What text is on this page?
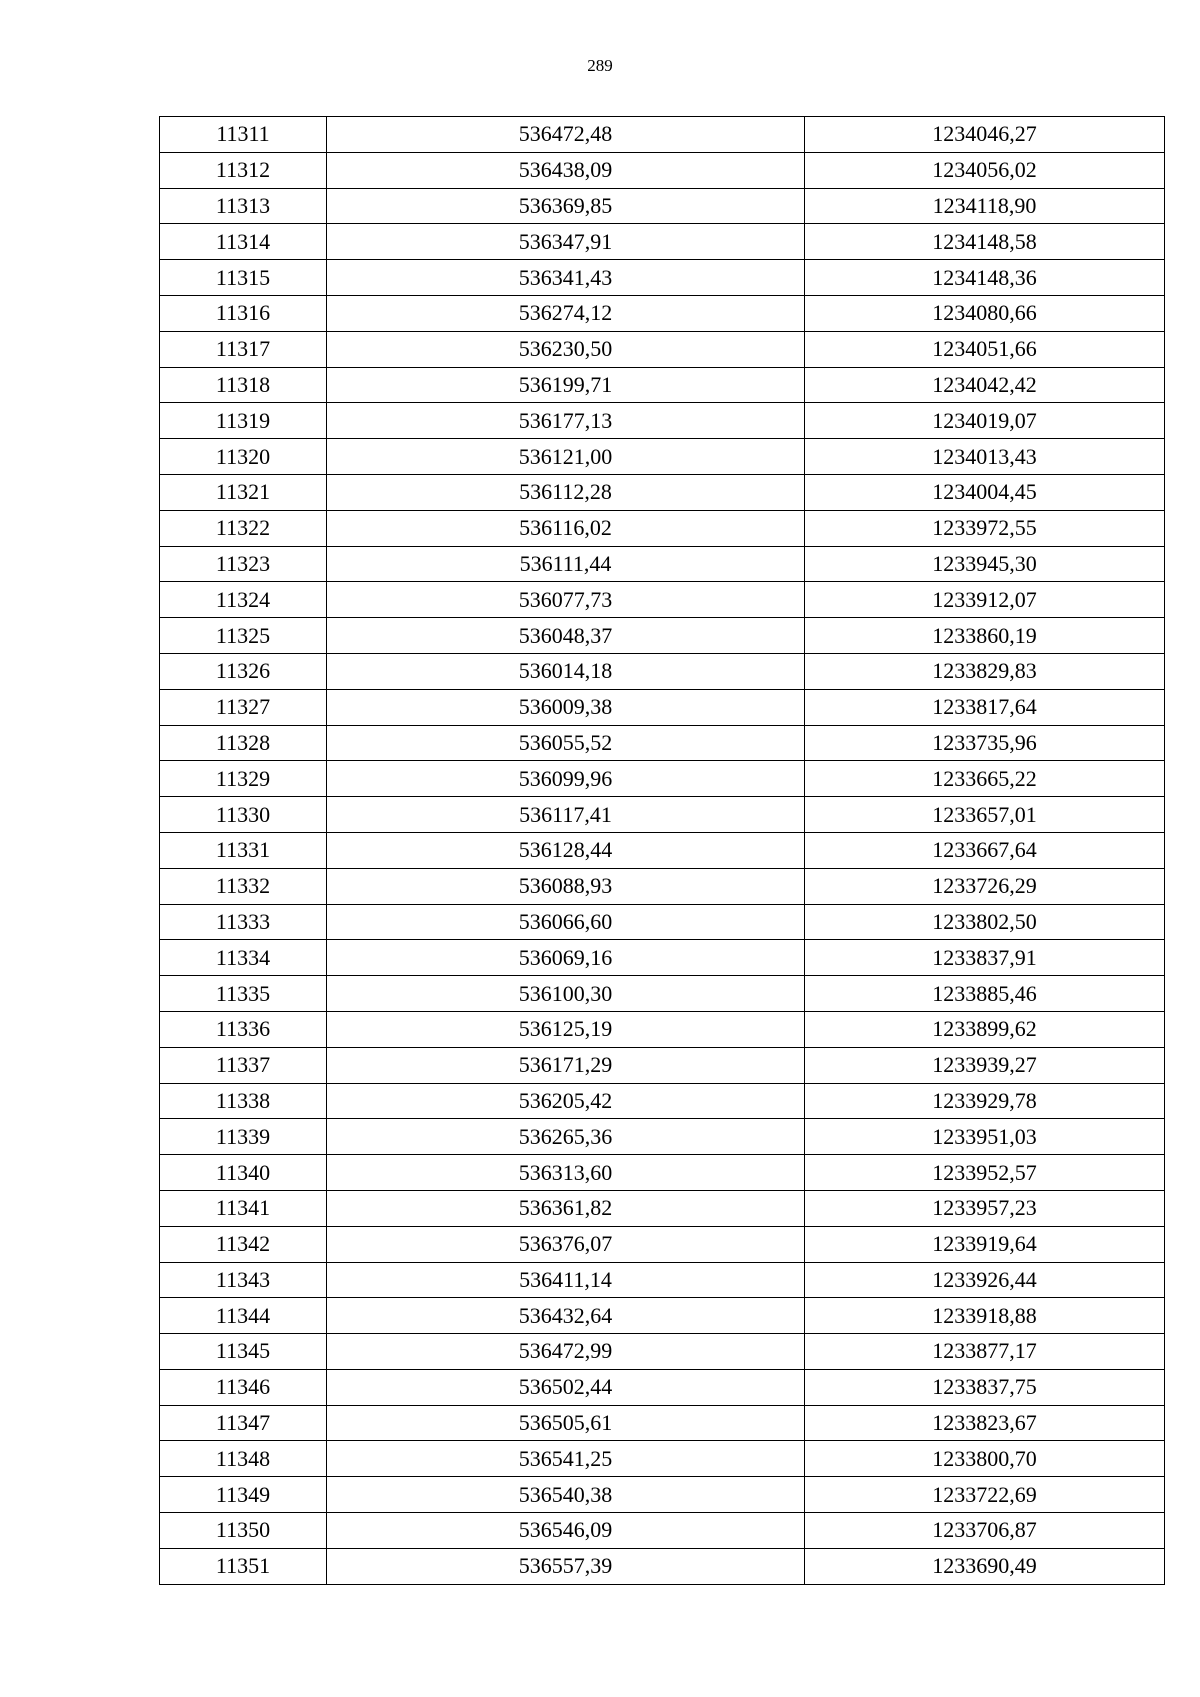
289
11311	536472,48	1234046,27
11312	536438,09	1234056,02
11313	536369,85	1234118,90
11314	536347,91	1234148,58
11315	536341,43	1234148,36
11316	536274,12	1234080,66
11317	536230,50	1234051,66
11318	536199,71	1234042,42
11319	536177,13	1234019,07
11320	536121,00	1234013,43
11321	536112,28	1234004,45
11322	536116,02	1233972,55
11323	536111,44	1233945,30
11324	536077,73	1233912,07
11325	536048,37	1233860,19
11326	536014,18	1233829,83
11327	536009,38	1233817,64
11328	536055,52	1233735,96
11329	536099,96	1233665,22
11330	536117,41	1233657,01
11331	536128,44	1233667,64
11332	536088,93	1233726,29
11333	536066,60	1233802,50
11334	536069,16	1233837,91
11335	536100,30	1233885,46
11336	536125,19	1233899,62
11337	536171,29	1233939,27
11338	536205,42	1233929,78
11339	536265,36	1233951,03
11340	536313,60	1233952,57
11341	536361,82	1233957,23
11342	536376,07	1233919,64
11343	536411,14	1233926,44
11344	536432,64	1233918,88
11345	536472,99	1233877,17
11346	536502,44	1233837,75
11347	536505,61	1233823,67
11348	536541,25	1233800,70
11349	536540,38	1233722,69
11350	536546,09	1233706,87
11351	536557,39	1233690,49
